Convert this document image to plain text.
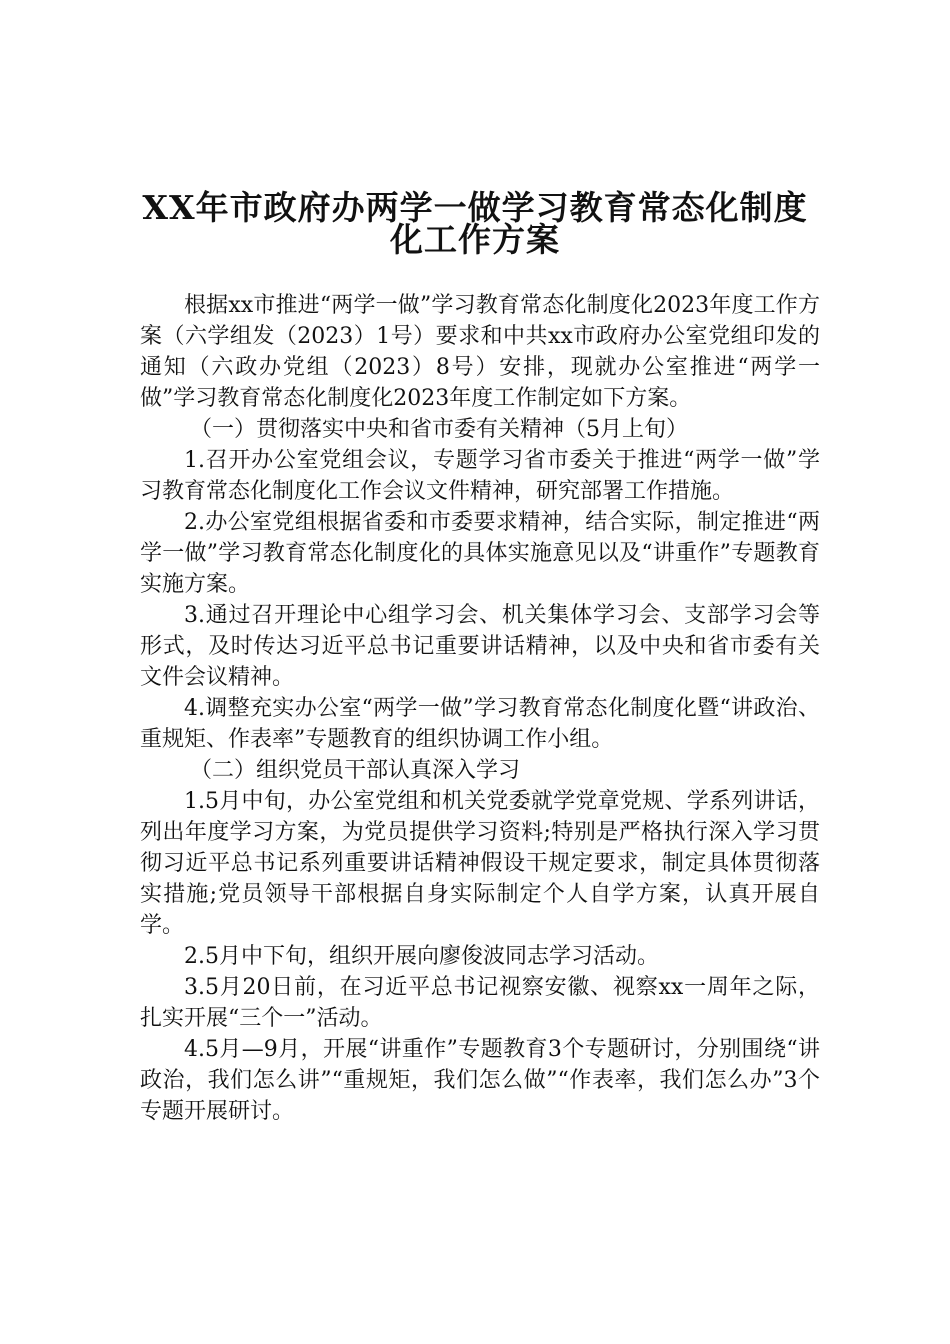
XX年市政府办两学一做学习教育常态化制度
化工作方案

根据xx市推进“两学一做”学习教育常态化制度化2023年度工作方案（六学组发（2023）1号）要求和中共xx市政府办公室党组印发的通知（六政办党组（2023）8号）安排，现就办公室推进“两学一做”学习教育常态化制度化2023年度工作制定如下方案。

（一）贯彻落实中央和省市委有关精神（5月上旬）

1.召开办公室党组会议，专题学习省市委关于推进“两学一做”学习教育常态化制度化工作会议文件精神，研究部署工作措施。

2.办公室党组根据省委和市委要求精神，结合实际，制定推进“两学一做”学习教育常态化制度化的具体实施意见以及“讲重作”专题教育实施方案。

3.通过召开理论中心组学习会、机关集体学习会、支部学习会等形式，及时传达习近平总书记重要讲话精神，以及中央和省市委有关文件会议精神。

4.调整充实办公室“两学一做”学习教育常态化制度化暨“讲政治、重规矩、作表率”专题教育的组织协调工作小组。

（二）组织党员干部认真深入学习

1.5月中旬，办公室党组和机关党委就学党章党规、学系列讲话，列出年度学习方案，为党员提供学习资料;特别是严格执行深入学习贯彻习近平总书记系列重要讲话精神假设干规定要求，制定具体贯彻落实措施;党员领导干部根据自身实际制定个人自学方案，认真开展自学。

2.5月中下旬，组织开展向廖俊波同志学习活动。

3.5月20日前，在习近平总书记视察安徽、视察xx一周年之际，扎实开展“三个一”活动。

4.5月—9月，开展“讲重作”专题教育3个专题研讨，分别围绕“讲政治，我们怎么讲”“重规矩，我们怎么做”“作表率，我们怎么办”3个专题开展研讨。
